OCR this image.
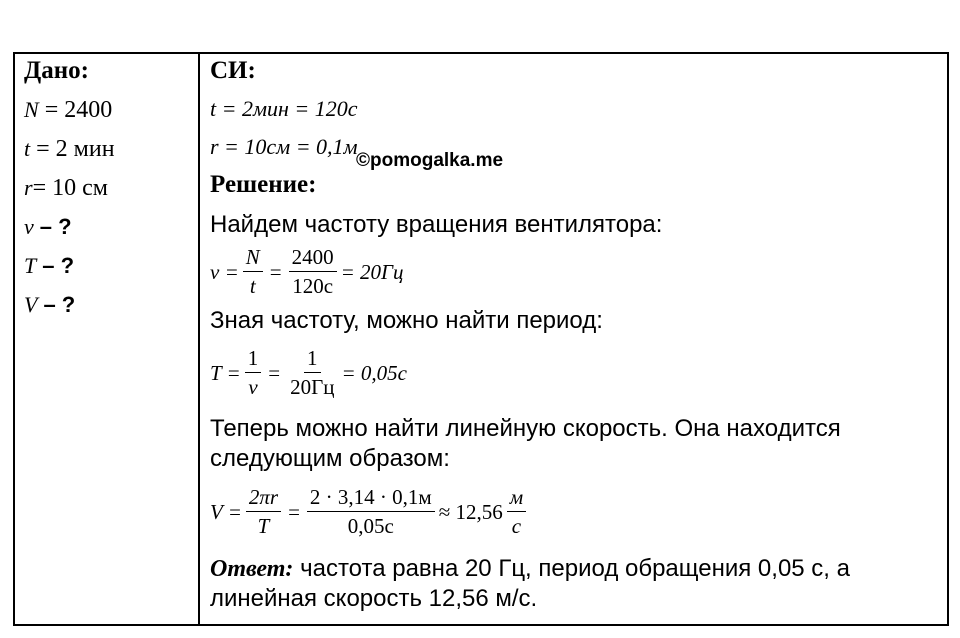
Дано:
N = 2400
t = 2 мин
r= 10 см
ν – ?
T – ?
V – ?
СИ:
t = 2мин = 120с
r = 10см = 0,1м
©pomogalka.me
Решение:
Найдем частоту вращения вентилятора:
$\nu = \frac{N}{t} = \frac{2400}{120с} = 20Гц$
Зная частоту, можно найти период:
$T = \frac{1}{\nu} = \frac{1}{20Гц} = 0,05с$
Теперь можно найти линейную скорость. Она находится следующим образом:
$V = \frac{2\pi r}{T} = \frac{2 \cdot 3,14 \cdot 0,1м}{0,05с} \approx 12,56 \frac{м}{с}$
Ответ: частота равна 20 Гц, период обращения 0,05 с, а линейная скорость 12,56 м/с.
